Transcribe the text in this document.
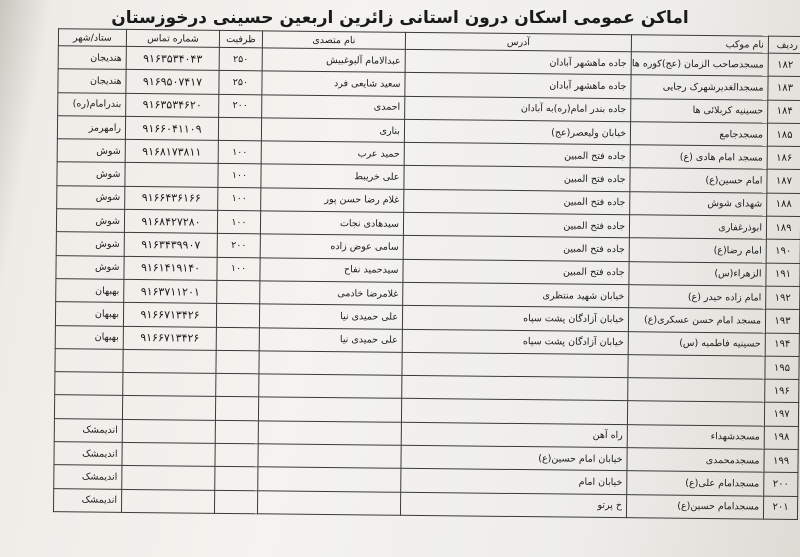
اماکن عمومی اسکان درون استانی زائرین اربعین حسینی درخوزستان
ردیف	نام موکب	آدرس	نام متصدی	ظرفیت	شماره تماس	ستاد/شهر
۱۸۲	مسجدصاحب الزمان (عج)کوره ها	جاده ماهشهر آبادان	عبدالامام آلبوغبیش	۲۵۰	۹۱۶۳۵۳۴۰۴۳	هندیجان
۱۸۳	مسجدالغدیرشهرک رجایی	جاده ماهشهر آبادان	سعید شایعی فرد	۲۵۰	۹۱۶۹۵۰۷۴۱۷	هندیجان
۱۸۴	حسینیه کربلائی ها	جاده بندر امام(ره)به آبادان	احمدی	۲۰۰	۹۱۶۳۵۳۴۶۲۰	بندرامام(ره)
۱۸۵	مسجدجامع	خیابان ولیعصر(عج)	بناری		۹۱۶۶۰۴۱۱۰۹	رامهرمز
۱۸۶	مسجد امام هادی (ع)	جاده فتح المبین	حمید عرب	۱۰۰	۹۱۶۸۱۷۳۸۱۱	شوش
۱۸۷	امام حسین(ع)	جاده فتح المبین	علی خریبط	۱۰۰		شوش
۱۸۸	شهدای شوش	جاده فتح المبین	غلام رضا حسن پور	۱۰۰	۹۱۶۶۴۳۶۱۶۶	شوش
۱۸۹	ابوذرغفاری	جاده فتح المبین	سیدهادی نجات	۱۰۰	۹۱۶۸۴۲۷۲۸۰	شوش
۱۹۰	امام رضا(ع)	جاده فتح المبین	سامی عوض زاده	۲۰۰	۹۱۶۳۴۳۹۹۰۷	شوش
۱۹۱	الزهراء(س)	جاده فتح المبین	سیدحمید نفاح	۱۰۰	۹۱۶۱۴۱۹۱۴۰	شوش
۱۹۲	امام زاده حیدر (ع)	خیابان شهید منتظری	غلامرضا خادمی		۹۱۶۳۷۱۱۲۰۱	بهبهان
۱۹۳	مسجد امام حسن عسکری(ع)	خیابان آزادگان پشت سپاه	علی حمیدی نیا		۹۱۶۶۷۱۳۴۲۶	بهبهان
۱۹۴	حسینیه فاطمیه (س)	خیابان آزادگان پشت سپاه	علی حمیدی نیا		۹۱۶۶۷۱۳۴۲۶	بهبهان
۱۹۵						
۱۹۶						
۱۹۷						
۱۹۸	مسجدشهداء	راه آهن				اندیمشک
۱۹۹	مسجدمحمدی	خیابان امام حسین(ع)				اندیمشک
۲۰۰	مسجدامام علی(ع)	خیابان امام				اندیمشک
۲۰۱	مسجدامام حسین(ع)	خ پرتو				اندیمشک
